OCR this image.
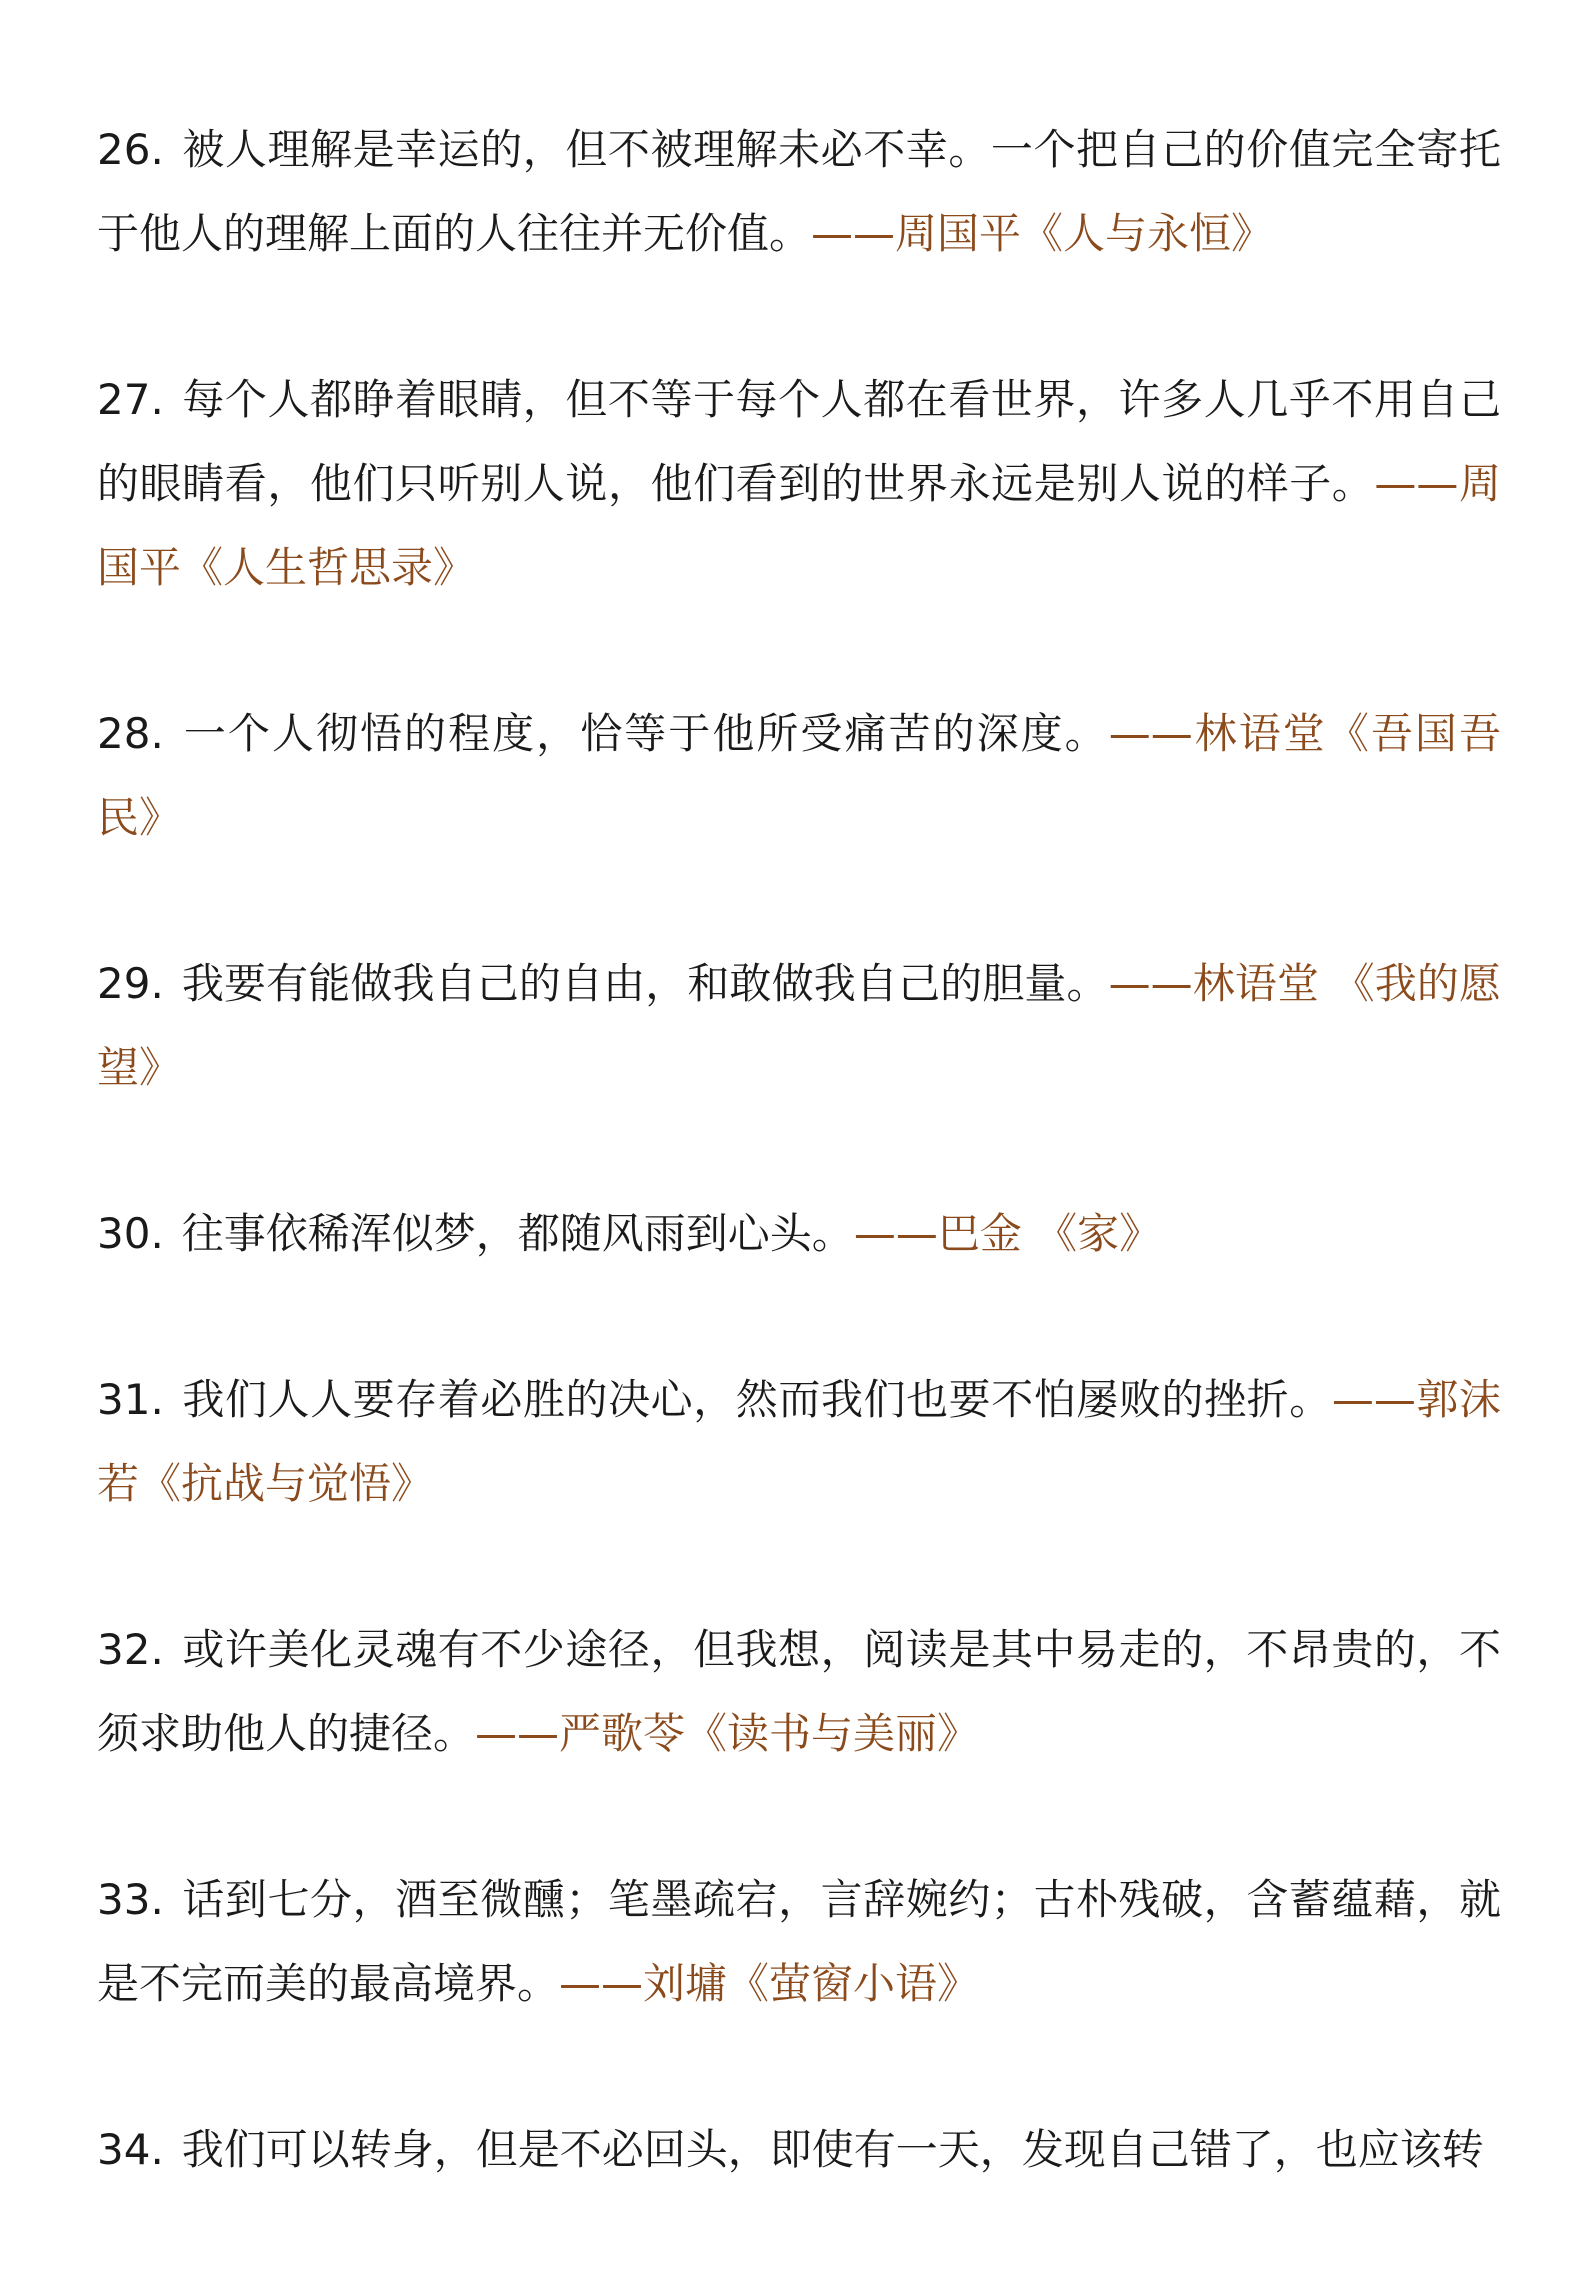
26. 被人理解是幸运的，但不被理解未必不幸。一个把自己的价值完全寄托于他人的理解上面的人往往并无价值。——周国平《人与永恒》

27. 每个人都睁着眼睛，但不等于每个人都在看世界，许多人几乎不用自己的眼睛看，他们只听别人说，他们看到的世界永远是别人说的样子。——周国平《人生哲思录》

28. 一个人彻悟的程度，恰等于他所受痛苦的深度。——林语堂《吾国吾民》

29. 我要有能做我自己的自由，和敢做我自己的胆量。——林语堂 《我的愿望》

30. 往事依稀浑似梦，都随风雨到心头。——巴金 《家》

31. 我们人人要存着必胜的决心，然而我们也要不怕屡败的挫折。——郭沫若《抗战与觉悟》

32. 或许美化灵魂有不少途径，但我想，阅读是其中易走的，不昂贵的，不须求助他人的捷径。——严歌苓《读书与美丽》

33. 话到七分，酒至微醺；笔墨疏宕，言辞婉约；古朴残破，含蓄蕴藉，就是不完而美的最高境界。——刘墉《萤窗小语》

34. 我们可以转身，但是不必回头，即使有一天，发现自己错了，也应该转
